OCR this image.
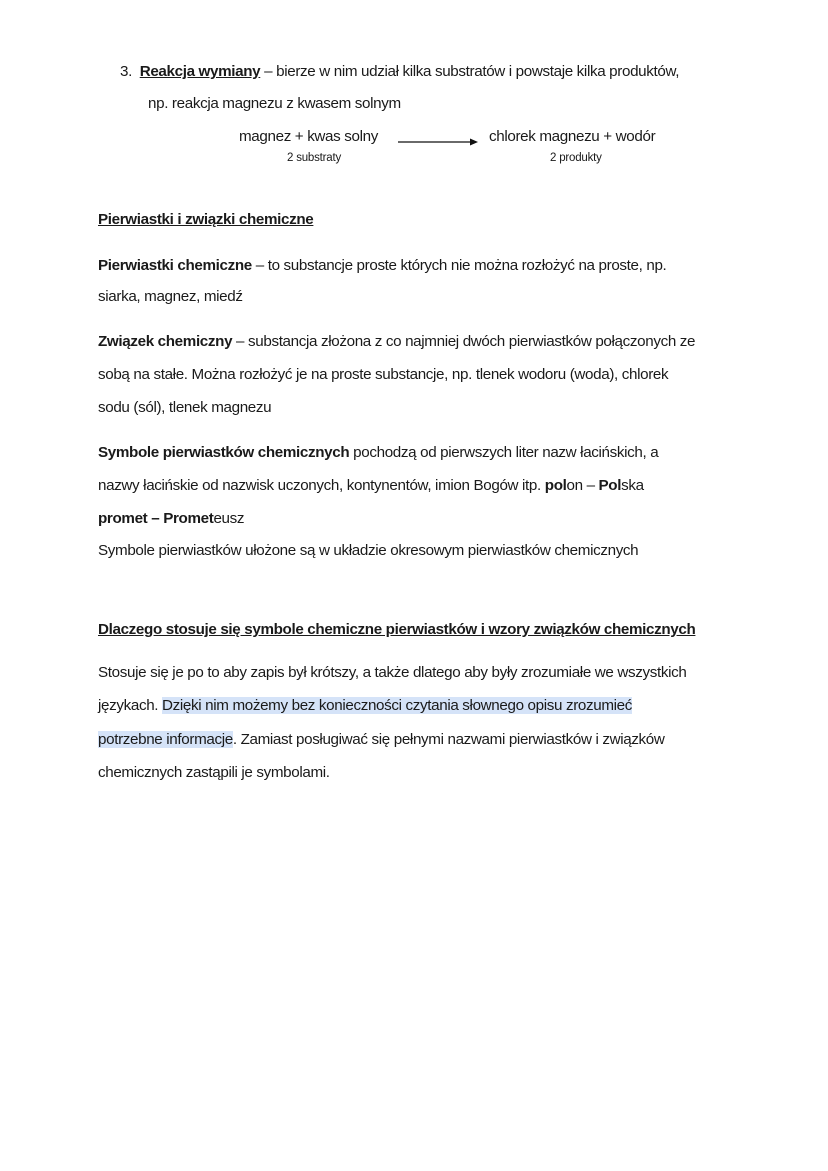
3. Reakcja wymiany – bierze w nim udział kilka substratów i powstaje kilka produktów,
np. reakcja magnezu z kwasem solnym
magnez + kwas solny	chlorek magnezu + wodór
2 substraty	2 produkty
Pierwiastki i związki chemiczne
Pierwiastki chemiczne – to substancje proste których nie można rozłożyć na proste, np.
siarka, magnez, miedź
Związek chemiczny – substancja złożona z co najmniej dwóch pierwiastków połączonych ze
sobą na stałe. Można rozłożyć je na proste substancje, np. tlenek wodoru (woda), chlorek
sodu (sól), tlenek magnezu
Symbole pierwiastków chemicznych pochodzą od pierwszych liter nazw łacińskich, a
nazwy łacińskie od nazwisk uczonych, kontynentów, imion Bogów itp. polon – Polska
promet – Prometeusz
Symbole pierwiastków ułożone są w układzie okresowym pierwiastków chemicznych
Dlaczego stosuje się symbole chemiczne pierwiastków i wzory związków chemicznych
Stosuje się je po to aby zapis był krótszy, a także dlatego aby były zrozumiałe we wszystkich
językach. Dzięki nim możemy bez konieczności czytania słownego opisu zrozumieć
potrzebne informacje. Zamiast posługiwać się pełnymi nazwami pierwiastków i związków
chemicznych zastąpili je symbolami.
